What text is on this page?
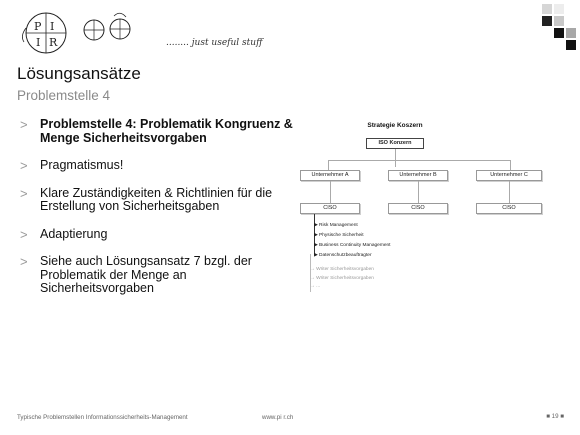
P I
I R	........ just useful stuff
Lösungsansätze
Problemstelle 4
> Problemstelle 4: Problematik Kongruenz & Menge Sicherheitsvorgaben
> Pragmatismus!
> Klare Zuständigkeiten & Richtlinien für die Erstellung von Sicherheitsgaben
> Adaptierung
> Siehe auch Lösungsansatz 7 bzgl. der Problematik der Menge an Sicherheitsvorgaben
Strategie Koszern
ISO Konzern
Unternehmer A	Unternehmer B	Unternehmer C
CISO	CISO	CISO
▶ Risk Management
▶ Physische Sicherheit
▶ Business Continuity Management
▶ Datenschutzbeauftragter
→ Writer Sicherheitsvorgaben
→ Writer Sicherheitsvorgaben
→ ...
Typische Problemstellen Informationssicherheits-Management	www.pi r.ch	■ 19 ■
